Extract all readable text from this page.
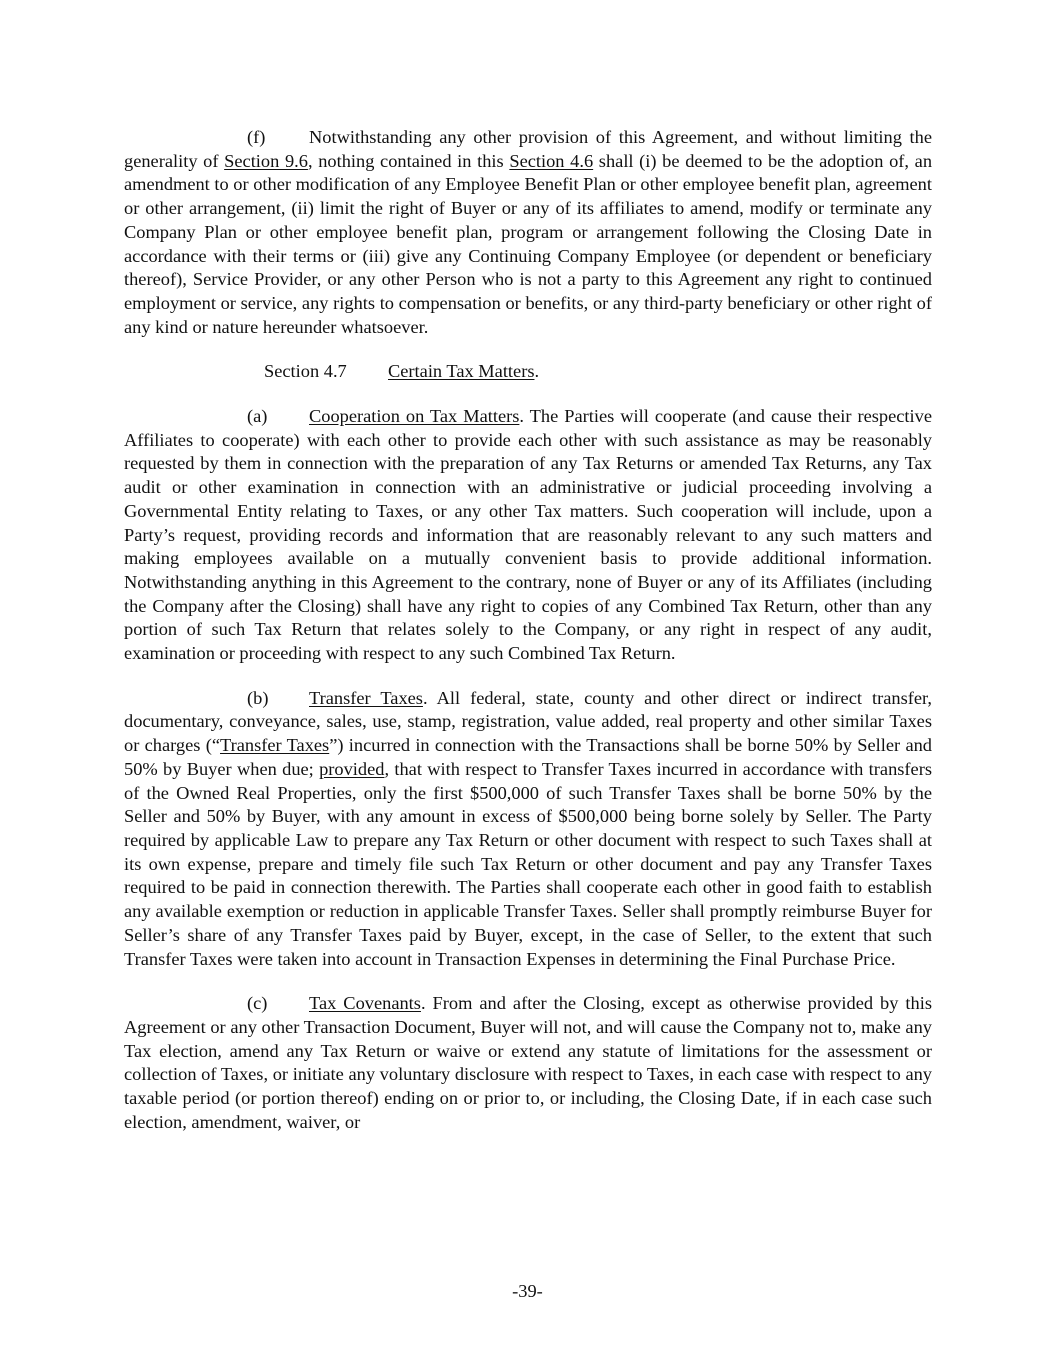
(f) Notwithstanding any other provision of this Agreement, and without limiting the generality of Section 9.6, nothing contained in this Section 4.6 shall (i) be deemed to be the adoption of, an amendment to or other modification of any Employee Benefit Plan or other employee benefit plan, agreement or other arrangement, (ii) limit the right of Buyer or any of its affiliates to amend, modify or terminate any Company Plan or other employee benefit plan, program or arrangement following the Closing Date in accordance with their terms or (iii) give any Continuing Company Employee (or dependent or beneficiary thereof), Service Provider, or any other Person who is not a party to this Agreement any right to continued employment or service, any rights to compensation or benefits, or any third-party beneficiary or other right of any kind or nature hereunder whatsoever.

Section 4.7 Certain Tax Matters.

(a) Cooperation on Tax Matters. The Parties will cooperate (and cause their respective Affiliates to cooperate) with each other to provide each other with such assistance as may be reasonably requested by them in connection with the preparation of any Tax Returns or amended Tax Returns, any Tax audit or other examination in connection with an administrative or judicial proceeding involving a Governmental Entity relating to Taxes, or any other Tax matters. Such cooperation will include, upon a Party’s request, providing records and information that are reasonably relevant to any such matters and making employees available on a mutually convenient basis to provide additional information. Notwithstanding anything in this Agreement to the contrary, none of Buyer or any of its Affiliates (including the Company after the Closing) shall have any right to copies of any Combined Tax Return, other than any portion of such Tax Return that relates solely to the Company, or any right in respect of any audit, examination or proceeding with respect to any such Combined Tax Return.

(b) Transfer Taxes. All federal, state, county and other direct or indirect transfer, documentary, conveyance, sales, use, stamp, registration, value added, real property and other similar Taxes or charges (“Transfer Taxes”) incurred in connection with the Transactions shall be borne 50% by Seller and 50% by Buyer when due; provided, that with respect to Transfer Taxes incurred in accordance with transfers of the Owned Real Properties, only the first $500,000 of such Transfer Taxes shall be borne 50% by the Seller and 50% by Buyer, with any amount in excess of $500,000 being borne solely by Seller. The Party required by applicable Law to prepare any Tax Return or other document with respect to such Taxes shall at its own expense, prepare and timely file such Tax Return or other document and pay any Transfer Taxes required to be paid in connection therewith. The Parties shall cooperate each other in good faith to establish any available exemption or reduction in applicable Transfer Taxes. Seller shall promptly reimburse Buyer for Seller’s share of any Transfer Taxes paid by Buyer, except, in the case of Seller, to the extent that such Transfer Taxes were taken into account in Transaction Expenses in determining the Final Purchase Price.

(c) Tax Covenants. From and after the Closing, except as otherwise provided by this Agreement or any other Transaction Document, Buyer will not, and will cause the Company not to, make any Tax election, amend any Tax Return or waive or extend any statute of limitations for the assessment or collection of Taxes, or initiate any voluntary disclosure with respect to Taxes, in each case with respect to any taxable period (or portion thereof) ending on or prior to, or including, the Closing Date, if in each case such election, amendment, waiver, or

-39-
